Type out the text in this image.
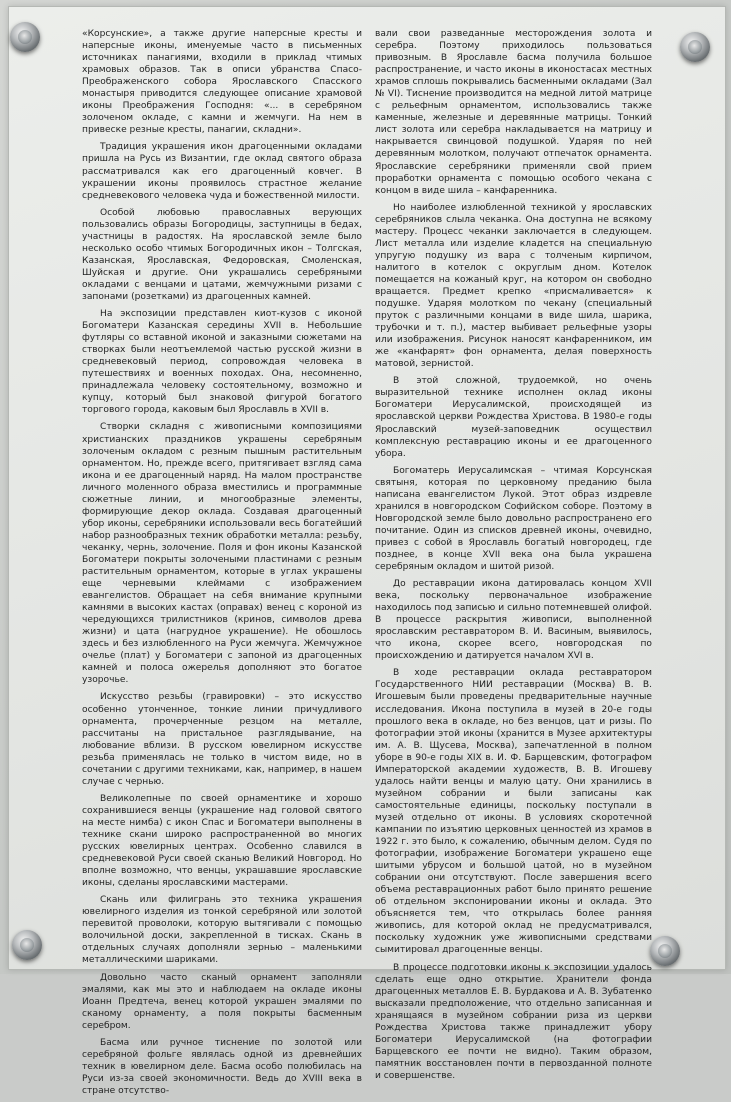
«Корсунские», а также другие наперсные кресты и наперсные иконы, именуемые часто в письменных источниках панагиями, входили в приклад чтимых храмовых образов. Так в описи убранства Спасо-Преображенского собора Ярославского Спасского монастыря приводится следующее описание храмовой иконы Преображения Господня: «... в серебряном золоченом окладе, с камни и жемчуги. На нем в привеске резные кресты, панагии, складни».

Традиция украшения икон драгоценными окладами пришла на Русь из Византии, где оклад святого образа рассматривался как его драгоценный ковчег. В украшении иконы проявилось страстное желание средневекового человека чуда и божественной милости.

Особой любовью православных верующих пользовались образы Богородицы, заступницы в бедах, участницы в радостях. На ярославской земле было несколько особо чтимых Богородичных икон – Толгская, Казанская, Ярославская, Федоровская, Смоленская, Шуйская и другие. Они украшались серебряными окладами с венцами и цатами, жемчужными ризами с запонами (розетками) из драгоценных камней.

На экспозиции представлен киот-кузов с иконой Богоматери Казанская середины XVII в. Небольшие футляры со вставной иконой и заказными сюжетами на створках были неотъемлемой частью русской жизни в средневековый период, сопровождая человека в путешествиях и военных походах. Она, несомненно, принадлежала человеку состоятельному, возможно и купцу, который был знаковой фигурой богатого торгового города, каковым был Ярославль в XVII в.

Створки складня с живописными композициями христианских праздников украшены серебряным золоченым окладом с резным пышным растительным орнаментом. Но, прежде всего, притягивает взгляд сама икона и ее драгоценный наряд. На малом пространстве личного моленного образа вместились и программные сюжетные линии, и многообразные элементы, формирующие декор оклада. Создавая драгоценный убор иконы, серебряники использовали весь богатейший набор разнообразных техник обработки металла: резьбу, чеканку, чернь, золочение. Поля и фон иконы Казанской Богоматери покрыты золочеными пластинами с резным растительным орнаментом, которые в углах украшены еще черневыми клеймами с изображением евангелистов. Обращает на себя внимание крупными камнями в высоких кастах (оправах) венец с короной из чередующихся трилистников (кринов, символов древа жизни) и цата (нагрудное украшение). Не обошлось здесь и без излюбленного на Руси жемчуга. Жемчужное очелье (плат) у Богоматери с запоной из драгоценных камней и полоса ожерелья дополняют это богатое узорочье.

Искусство резьбы (гравировки) – это искусство особенно утонченное, тонкие линии причудливого орнамента, прочерченные резцом на металле, рассчитаны на пристальное разглядывание, на любование вблизи. В русском ювелирном искусстве резьба применялась не только в чистом виде, но в сочетании с другими техниками, как, например, в нашем случае с чернью.

Великолепные по своей орнаментике и хорошо сохранившиеся венцы (украшение над головой святого на месте нимба) с икон Спас и Богоматери выполнены в технике скани широко распространенной во многих русских ювелирных центрах. Особенно славился в средневековой Руси своей сканью Великий Новгород. Но вполне возможно, что венцы, украшавшие ярославские иконы, сделаны ярославскими мастерами.

Скань или филигрань это техника украшения ювелирного изделия из тонкой серебряной или золотой перевитой проволоки, которую вытягивали с помощью волочильной доски, закрепленной в тисках. Скань в отдельных случаях дополняли зернью – маленькими металлическими шариками.

Довольно часто сканый орнамент заполняли эмалями, как мы это и наблюдаем на окладе иконы Иоанн Предтеча, венец которой украшен эмалями по сканому орнаменту, а поля покрыты басменным серебром.

Басма или ручное тиснение по золотой или серебряной фольге являлась одной из древнейших техник в ювелирном деле. Басма особо полюбилась на Руси из-за своей экономичности. Ведь до XVIII века в стране отсутство-

вали свои разведанные месторождения золота и серебра. Поэтому приходилось пользоваться привозным. В Ярославле басма получила большое распространение, и часто иконы в иконостасах местных храмов сплошь покрывались басменными окладами (Зал № VI). Тиснение производится на медной литой матрице с рельефным орнаментом, использовались также каменные, железные и деревянные матрицы. Тонкий лист золота или серебра накладывается на матрицу и накрывается свинцовой подушкой. Ударяя по ней деревянным молотком, получают отпечаток орнамента. Ярославские серебряники применяли свой прием проработки орнамента с помощью особого чекана с концом в виде шила – канфаренника.

Но наиболее излюбленной техникой у ярославских серебряников слыла чеканка. Она доступна не всякому мастеру. Процесс чеканки заключается в следующем. Лист металла или изделие кладется на специальную упругую подушку из вара с толченым кирпичом, налитого в котелок с округлым дном. Котелок помещается на кожаный круг, на котором он свободно вращается. Предмет крепко «присмаливается» к подушке. Ударяя молотком по чекану (специальный пруток с различными концами в виде шила, шарика, трубочки и т. п.), мастер выбивает рельефные узоры или изображения. Рисунок наносят канфаренником, им же «канфарят» фон орнамента, делая поверхность матовой, зернистой.

В этой сложной, трудоемкой, но очень выразительной технике исполнен оклад иконы Богоматери Иерусалимской, происходящей из ярославской церкви Рождества Христова. В 1980-е годы Ярославский музей-заповедник осуществил комплексную реставрацию иконы и ее драгоценного убора.

Богоматерь Иерусалимская – чтимая Корсунская святыня, которая по церковному преданию была написана евангелистом Лукой. Этот образ издревле хранился в новгородском Софийском соборе. Поэтому в Новгородской земле было довольно распространено его почитание. Один из списков древней иконы, очевидно, привез с собой в Ярославль богатый новгородец, где позднее, в конце XVII века она была украшена серебряным окладом и шитой ризой.

До реставрации икона датировалась концом XVII века, поскольку первоначальное изображение находилось под записью и сильно потемневшей олифой. В процессе раскрытия живописи, выполненной ярославским реставратором В. И. Васиным, выявилось, что икона, скорее всего, новгородская по происхождению и датируется началом XVI в.

В ходе реставрации оклада реставратором Государственного НИИ реставрации (Москва) В. В. Игошевым были проведены предварительные научные исследования. Икона поступила в музей в 20-е годы прошлого века в окладе, но без венцов, цат и ризы. По фотографии этой иконы (хранится в Музее архитектуры им. А. В. Щусева, Москва), запечатленной в полном уборе в 90-е годы XIX в. И. Ф. Барщевским, фотографом Императорской академии художеств, В. В. Игошеву удалось найти венцы и малую цату. Они хранились в музейном собрании и были записаны как самостоятельные единицы, поскольку поступали в музей отдельно от иконы. В условиях скоротечной кампании по изъятию церковных ценностей из храмов в 1922 г. это было, к сожалению, обычным делом. Судя по фотографии, изображение Богоматери украшено еще шитыми убрусом и большой цатой, но в музейном собрании они отсутствуют. После завершения всего объема реставрационных работ было принято решение об отдельном экспонировании иконы и оклада. Это объясняется тем, что открылась более ранняя живопись, для которой оклад не предусматривался, поскольку художник уже живописными средствами сымитировал драгоценные венцы.

В процессе подготовки иконы к экспозиции удалось сделать еще одно открытие. Хранители фонда драгоценных металлов Е. В. Бурдакова и А. В. Зубатенко высказали предположение, что отдельно записанная и хранящаяся в музейном собрании риза из церкви Рождества Христова также принадлежит убору Богоматери Иерусалимской (на фотографии Барщевского ее почти не видно). Таким образом, памятник восстановлен почти в первозданной полноте и совершенстве.
